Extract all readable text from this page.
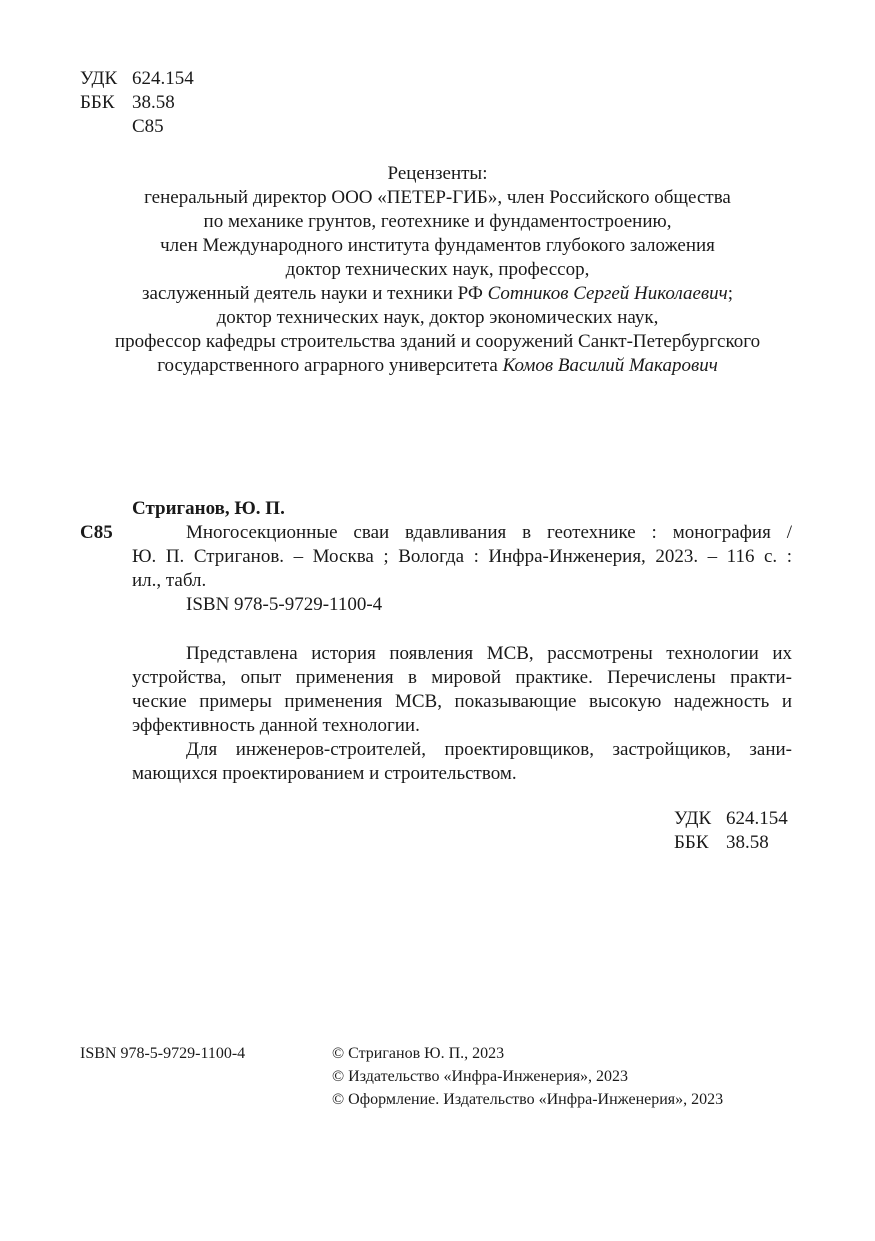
УДК 624.154
ББК 38.58
С85
Рецензенты:
генеральный директор ООО «ПЕТЕР-ГИБ», член Российского общества
по механике грунтов, геотехнике и фундаментостроению,
член Международного института фундаментов глубокого заложения
доктор технических наук, профессор,
заслуженный деятель науки и техники РФ Сотников Сергей Николаевич;
доктор технических наук, доктор экономических наук,
профессор кафедры строительства зданий и сооружений Санкт-Петербургского
государственного аграрного университета Комов Василий Макарович
Стриганов, Ю. П.
С85	Многосекционные сваи вдавливания в геотехнике : монография /
Ю. П. Стриганов. – Москва ; Вологда : Инфра-Инженерия, 2023. – 116 с. :
ил., табл.
ISBN 978-5-9729-1100-4
Представлена история появления МСВ, рассмотрены технологии их
устройства, опыт применения в мировой практике. Перечислены практи-
ческие примеры применения МСВ, показывающие высокую надежность и
эффективность данной технологии.
Для инженеров-строителей, проектировщиков, застройщиков, зани-
мающихся проектированием и строительством.
УДК 624.154
ББК 38.58
ISBN 978-5-9729-1100-4	© Стриганов Ю. П., 2023
© Издательство «Инфра-Инженерия», 2023
© Оформление. Издательство «Инфра-Инженерия», 2023
